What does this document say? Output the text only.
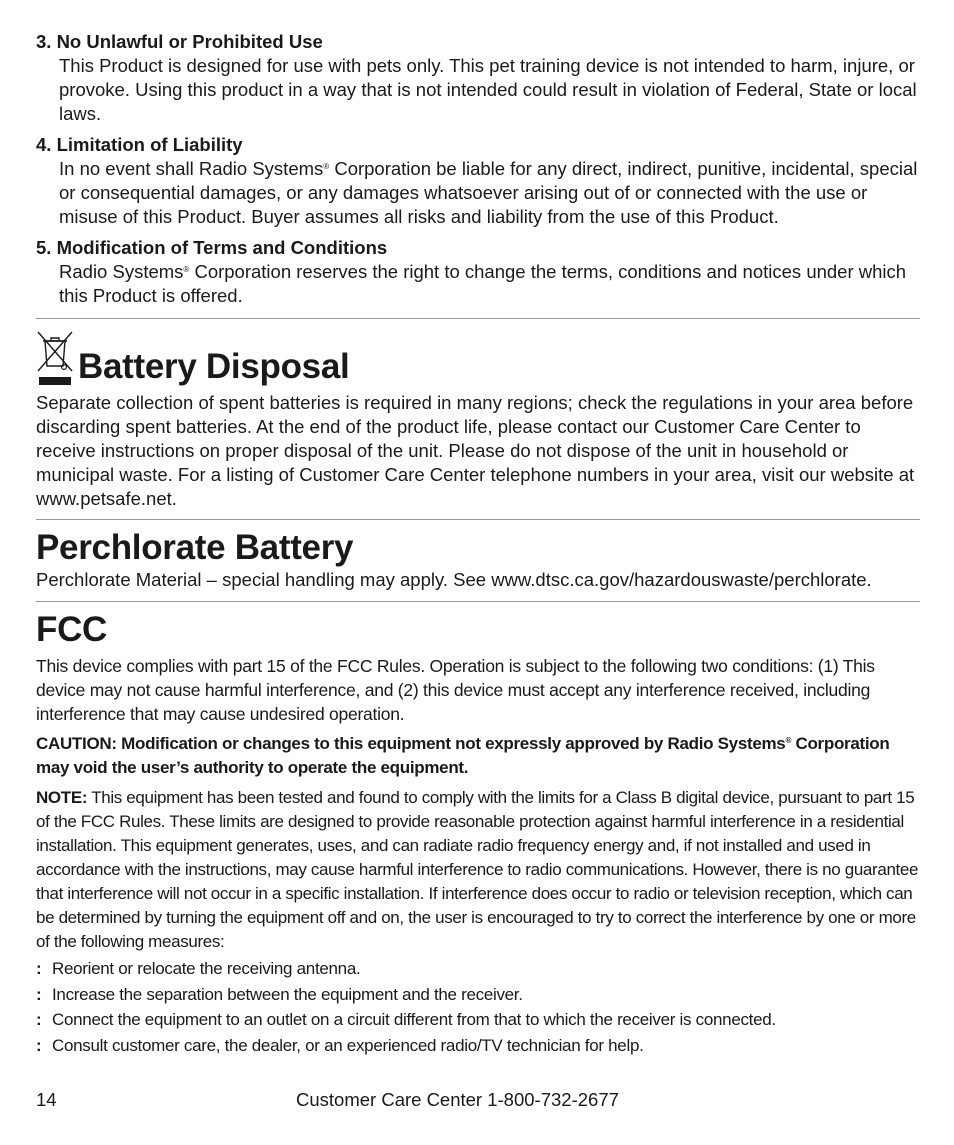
3. No Unlawful or Prohibited Use
This Product is designed for use with pets only. This pet training device is not intended to harm, injure, or provoke. Using this product in a way that is not intended could result in violation of Federal, State or local laws.
4. Limitation of Liability
In no event shall Radio Systems® Corporation be liable for any direct, indirect, punitive, incidental, special or consequential damages, or any damages whatsoever arising out of or connected with the use or misuse of this Product. Buyer assumes all risks and liability from the use of this Product.
5. Modification of Terms and Conditions
Radio Systems® Corporation reserves the right to change the terms, conditions and notices under which this Product is offered.
Battery Disposal
Separate collection of spent batteries is required in many regions; check the regulations in your area before discarding spent batteries. At the end of the product life, please contact our Customer Care Center to receive instructions on proper disposal of the unit. Please do not dispose of the unit in household or municipal waste. For a listing of Customer Care Center telephone numbers in your area, visit our website at www.petsafe.net.
Perchlorate Battery
Perchlorate Material – special handling may apply. See www.dtsc.ca.gov/hazardouswaste/perchlorate.
FCC
This device complies with part 15 of the FCC Rules. Operation is subject to the following two conditions: (1) This device may not cause harmful interference, and (2) this device must accept any interference received, including interference that may cause undesired operation.
CAUTION: Modification or changes to this equipment not expressly approved by Radio Systems® Corporation may void the user’s authority to operate the equipment.
NOTE: This equipment has been tested and found to comply with the limits for a Class B digital device, pursuant to part 15 of the FCC Rules. These limits are designed to provide reasonable protection against harmful interference in a residential installation. This equipment generates, uses, and can radiate radio frequency energy and, if not installed and used in accordance with the instructions, may cause harmful interference to radio communications. However, there is no guarantee that interference will not occur in a specific installation. If interference does occur to radio or television reception, which can be determined by turning the equipment off and on, the user is encouraged to try to correct the interference by one or more of the following measures:
: Reorient or relocate the receiving antenna.
: Increase the separation between the equipment and the receiver.
: Connect the equipment to an outlet on a circuit different from that to which the receiver is connected.
: Consult customer care, the dealer, or an experienced radio/TV technician for help.
14	Customer Care Center 1-800-732-2677
